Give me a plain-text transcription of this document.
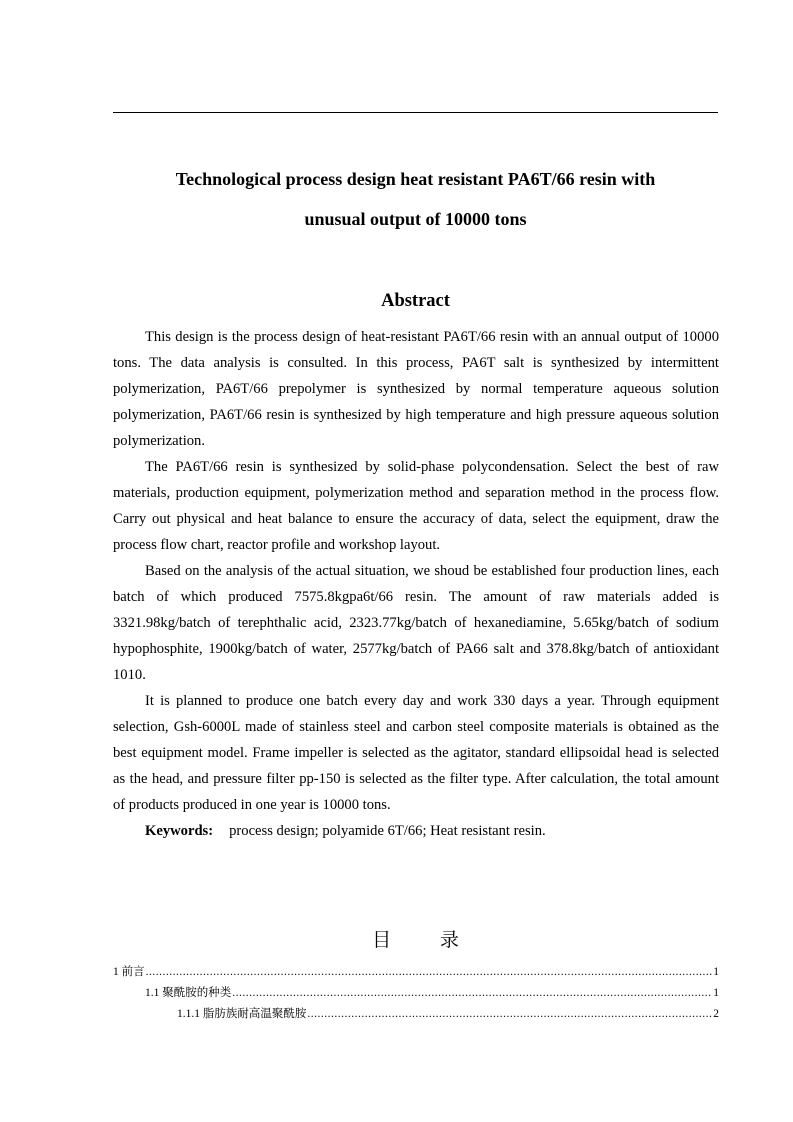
Technological process design heat resistant PA6T/66 resin with
unusual output of 10000 tons
Abstract

This design is the process design of heat-resistant PA6T/66 resin with an annual output of 10000 tons. The data analysis is consulted. In this process, PA6T salt is synthesized by intermittent polymerization, PA6T/66 prepolymer is synthesized by normal temperature aqueous solution polymerization, PA6T/66 resin is synthesized by high temperature and high pressure aqueous solution polymerization.

The PA6T/66 resin is synthesized by solid-phase polycondensation. Select the best of raw materials, production equipment, polymerization method and separation method in the process flow. Carry out physical and heat balance to ensure the accuracy of data, select the equipment, draw the process flow chart, reactor profile and workshop layout.

Based on the analysis of the actual situation, we shoud be established four production lines, each batch of which produced 7575.8kgpa6t/66 resin. The amount of raw materials added is 3321.98kg/batch of terephthalic acid, 2323.77kg/batch of hexanediamine, 5.65kg/batch of sodium hypophosphite, 1900kg/batch of water, 2577kg/batch of PA66 salt and 378.8kg/batch of antioxidant 1010.

It is planned to produce one batch every day and work 330 days a year. Through equipment selection, Gsh-6000L made of stainless steel and carbon steel composite materials is obtained as the best equipment model. Frame impeller is selected as the agitator, standard ellipsoidal head is selected as the head, and pressure filter pp-150 is selected as the filter type. After calculation, the total amount of products produced in one year is 10000 tons.

Keywords: process design; polyamide 6T/66; Heat resistant resin.

目 录
1 前言 .....	1
1.1 聚酰胺的种类 .....	1
1.1.1 脂肪族耐高温聚酰胺 .....	2
